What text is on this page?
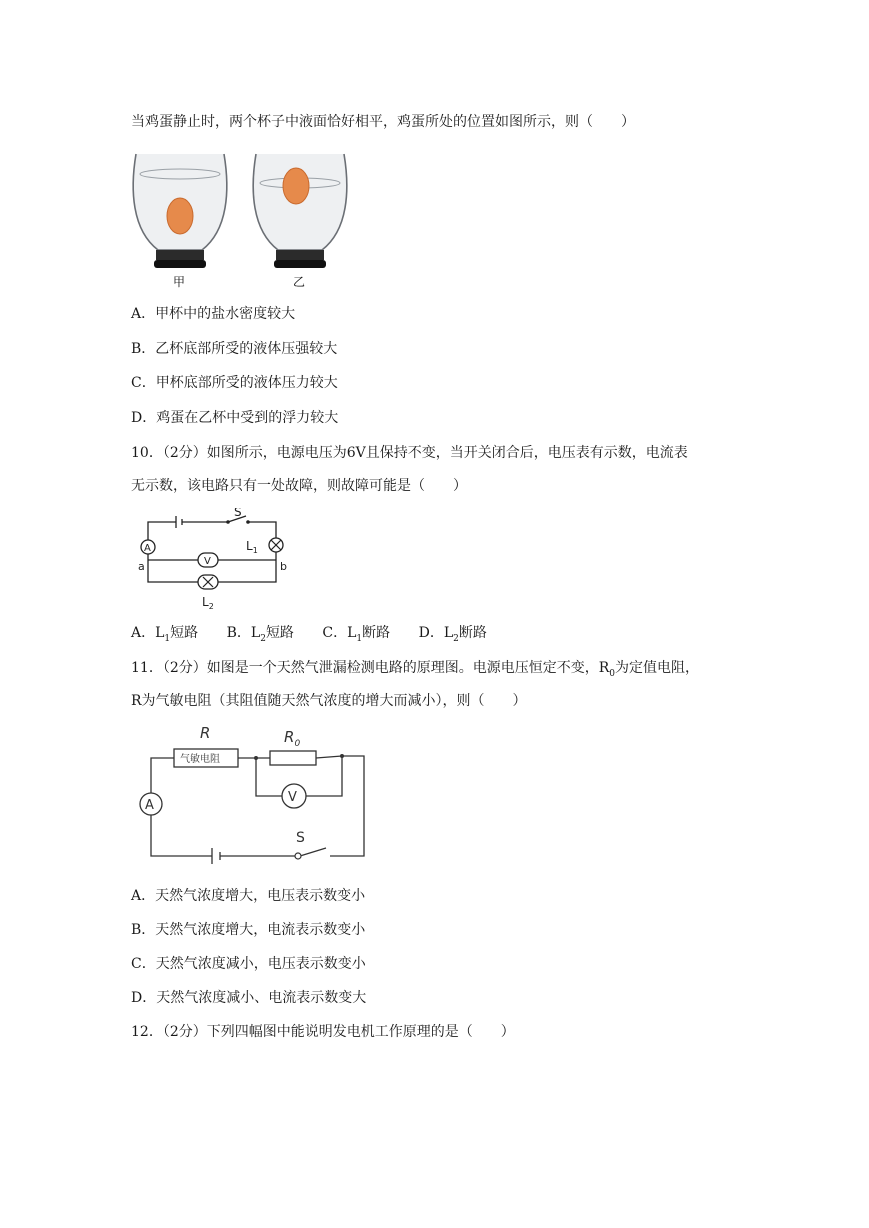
当鸡蛋静止时，两个杯子中液面恰好相平，鸡蛋所处的位置如图所示，则（　　）
甲	乙
A．甲杯中的盐水密度较大
B．乙杯底部所受的液体压强较大
C．甲杯底部所受的液体压力较大
D．鸡蛋在乙杯中受到的浮力较大
10．（2分）如图所示，电源电压为6V且保持不变，当开关闭合后，电压表有示数，电流表
无示数，该电路只有一处故障，则故障可能是（　　）
A
V
S
$L_1$
a	b
$L_2$
A．$L_1$短路 B．$L_2$短路 C．$L_1$断路 D．$L_2$断路
11．（2分）如图是一个天然气泄漏检测电路的原理图。电源电压恒定不变，$R_0$为定值电阻，
R为气敏电阻（其阻值随天然气浓度的增大而减小），则（　　）
气敏电阻
R	$R_0$
V
A
S
A．天然气浓度增大，电压表示数变小
B．天然气浓度增大，电流表示数变小
C．天然气浓度减小，电压表示数变小
D．天然气浓度减小、电流表示数变大
12．（2分）下列四幅图中能说明发电机工作原理的是（　　）
